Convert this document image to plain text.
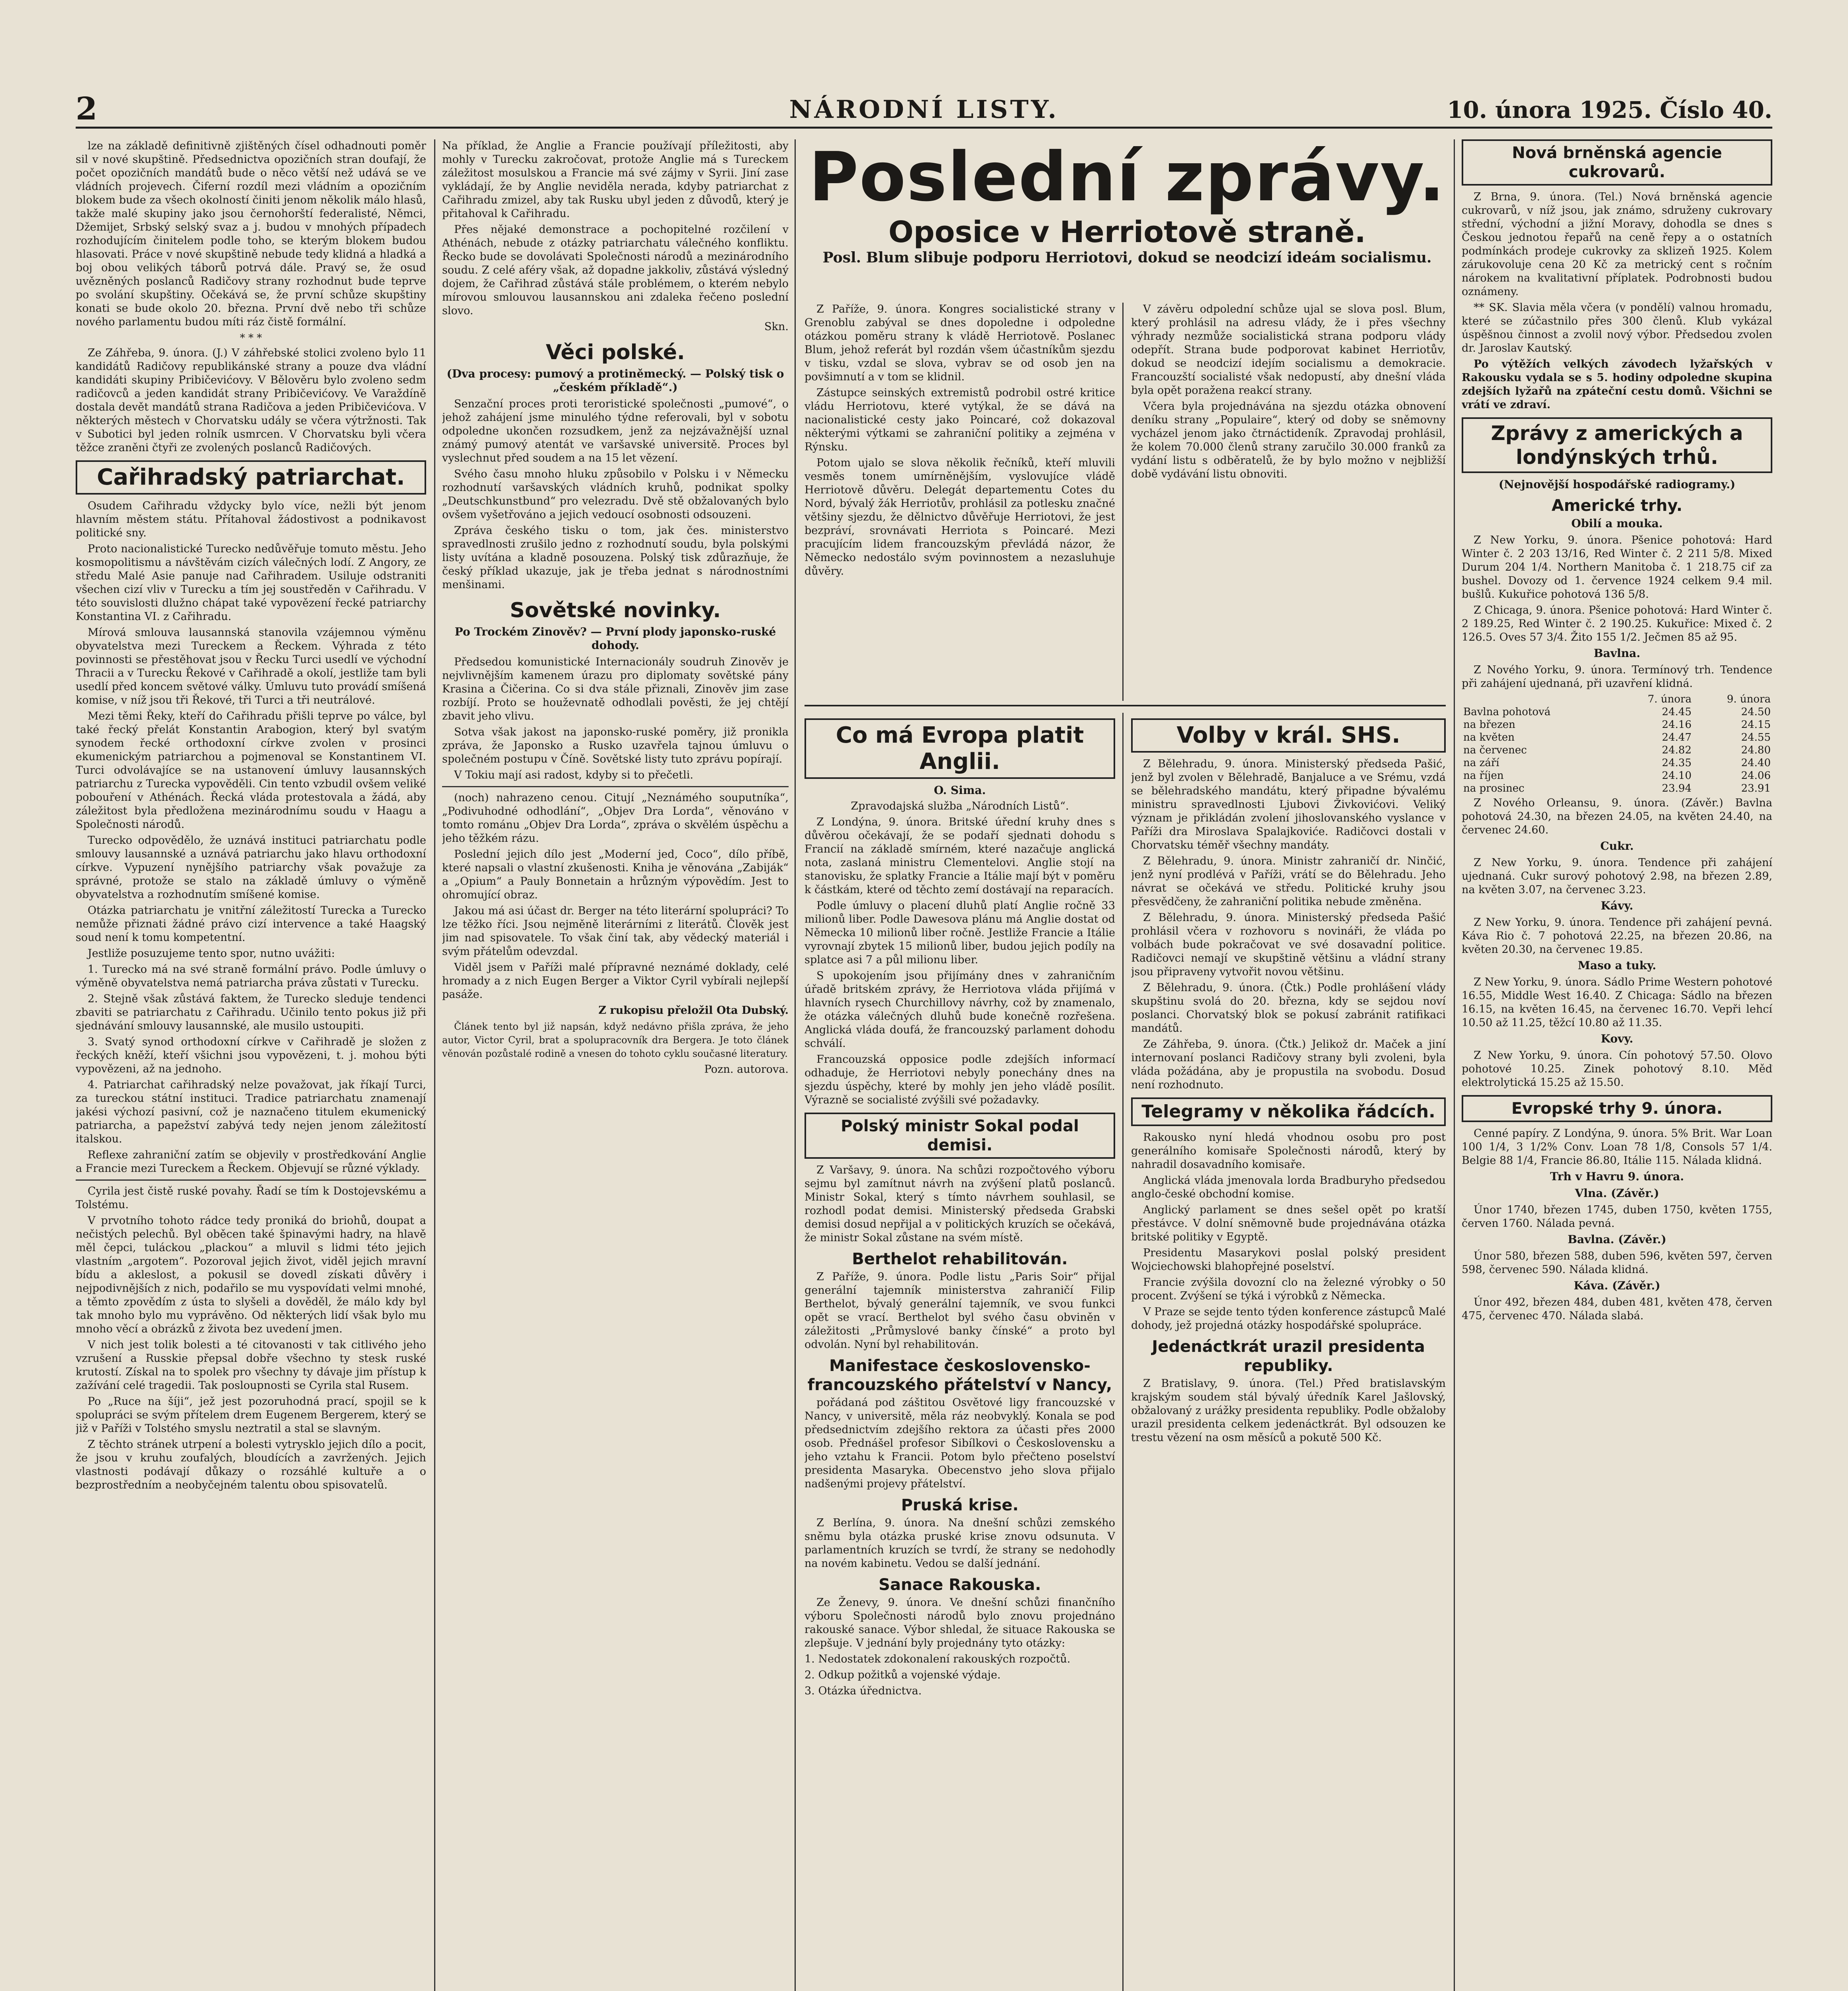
2	NÁRODNÍ LISTY.	10. února 1925. Číslo 40.

lze na základě definitivně zjištěných čísel odhadnouti poměr sil v nové skupštině. Předsednictva opozičních stran doufají, že počet opozičních mandátů bude o něco větší než udává se ve vládních projevech. Čiferní rozdíl mezi vládním a opozičním blokem bude za všech okolností činiti jenom několik málo hlasů, takže malé skupiny jako jsou černohorští federalisté, Němci, Džemijet, Srbský selský svaz a j. budou v mnohých případech rozhodujícím činitelem podle toho, se kterým blokem budou hlasovati. Práce v nové skupštině nebude tedy klidná a hladká a boj obou velikých táborů potrvá dále. Pravý se, že osud uvězněných poslanců Radičovy strany rozhodnut bude teprve po svolání skupštiny. Očekává se, že první schůze skupštiny konati se bude okolo 20. března. První dvě nebo tři schůze nového parlamentu budou míti ráz čistě formální.

* * *

Ze Záhřeba, 9. února. (J.) V záhřebské stolici zvoleno bylo 11 kandidátů Radičovy republikánské strany a pouze dva vládní kandidáti skupiny Pribičevićovy. V Bělověru bylo zvoleno sedm radičovců a jeden kandidát strany Pribičevićovy. Ve Varaždíně dostala devět mandátů strana Radičova a jeden Pribičevićova. V některých městech v Chorvatsku udály se včera výtržnosti. Tak v Subotici byl jeden rolník usmrcen. V Chorvatsku byli včera těžce zraněni čtyři ze zvolených poslanců Radičových.

Cařihradský patriarchat.

Osudem Cařihradu vždycky bylo více, nežli být jenom hlavním městem státu. Přítahoval žádostivost a podnikavost politické sny.

Proto nacionalistické Turecko nedůvěřuje tomuto městu. Jeho kosmopolitismu a návštěvám cizích válečných lodí. Z Angory, ze středu Malé Asie panuje nad Cařihradem. Usiluje odstraniti všechen cizí vliv v Turecku a tím jej soustředěn v Cařihradu. V této souvislosti dlužno chápat také vypovězení řecké patriarchy Konstantina VI. z Cařihradu.

Mírová smlouva lausannská stanovila vzájemnou výměnu obyvatelstva mezi Tureckem a Řeckem. Výhrada z této povinnosti se přestěhovat jsou v Řecku Turci usedlí ve východní Thracii a v Turecku Řekové v Cařihradě a okolí, jestliže tam byli usedlí před koncem světové války. Úmluvu tuto provádí smíšená komise, v níž jsou tři Řekové, tři Turci a tři neutrálové.

Mezi těmi Řeky, kteří do Cařihradu přišli teprve po válce, byl také řecký přelát Konstantin Arabogion, který byl svatým synodem řecké orthodoxní církve zvolen v prosinci ekumenickým patriarchou a pojmenoval se Konstantinem VI. Turci odvolávajíce se na ustanovení úmluvy lausannských patriarchu z Turecka vypověděli. Cin tento vzbudil ovšem veliké pobouření v Athénách. Řecká vláda protestovala a žádá, aby záležitost byla předložena mezinárodnímu soudu v Haagu a Společnosti národů.

Turecko odpovědělo, že uznává instituci patriarchatu podle smlouvy lausannské a uznává patriarchu jako hlavu orthodoxní církve. Vypuzení nynějšího patriarchy však považuje za správné, protože se stalo na základě úmluvy o výměně obyvatelstva a rozhodnutím smíšené komise.

Otázka patriarchatu je vnitřní záležitostí Turecka a Turecko nemůže přiznati žádné právo cizí intervence a také Haagský soud není k tomu kompetentní.

Jestliže posuzujeme tento spor, nutno uvážiti:

1. Turecko má na své straně formální právo. Podle úmluvy o výměně obyvatelstva nemá patriarcha práva zůstati v Turecku.

2. Stejně však zůstává faktem, že Turecko sleduje tendenci zbaviti se patriarchatu z Cařihradu. Učinilo tento pokus již při sjednávání smlouvy lausannské, ale musilo ustoupiti.

3. Svatý synod orthodoxní církve v Cařihradě je složen z řeckých kněží, kteří všichni jsou vypovězeni, t. j. mohou býti vypovězeni, až na jednoho.

4. Patriarchat cařihradský nelze považovat, jak říkají Turci, za tureckou státní instituci. Tradice patriarchatu znamenají jakési výchozí pasivní, což je naznačeno titulem ekumenický patriarcha, a papežství zabývá tedy nejen jenom záležitostí italskou.

Reflexe zahraniční zatím se objevily v prostředkování Anglie a Francie mezi Tureckem a Řeckem. Objevují se různé výklady.

Cyrila jest čistě ruské povahy. Řadí se tím k Dostojevskému a Tolstému.

V prvotního tohoto rádce tedy proniká do briohů, doupat a nečistých pelechů. Byl oběcen také špinavými hadry, na hlavě měl čepci, tuláckou „plackou“ a mluvil s lidmi této jejich vlastním „argotem“. Pozoroval jejich život, viděl jejich mravní bídu a akleslost, a pokusil se dovedl získati důvěry i nejpodivnějších z nich, podařilo se mu vyspovídati velmi mnohé, a těmto zpovědím z ústa to slyšeli a dověděl, že málo kdy byl tak mnoho bylo mu vyprávěno. Od některých lidí však bylo mu mnoho věcí a obrázků z života bez uvedení jmen.

V nich jest tolik bolesti a té citovanosti v tak citlivého jeho vzrušení a Russkie přepsal dobře všechno ty stesk ruské krutostí. Získal na to spolek pro všechny ty dávaje jim přístup k zažívání celé tragedii. Tak posloupnosti se Cyrila stal Rusem.

Po „Ruce na šíji“, jež jest pozoruhodná prací, spojil se k spolupráci se svým přítelem drem Eugenem Bergerem, který se již v Paříži v Tolstého smyslu neztratil a stal se slavným.

Z těchto stránek utrpení a bolesti vytrysklo jejich dílo a pocit, že jsou v kruhu zoufalých, bloudících a zavržených. Jejich vlastnosti podávají důkazy o rozsáhlé kultuře a o bezprostředním a neobyčejném talentu obou spisovatelů.

Na příklad, že Anglie a Francie používají příležitosti, aby mohly v Turecku zakročovat, protože Anglie má s Tureckem záležitost mosulskou a Francie má své zájmy v Syrii. Jiní zase vykládají, že by Anglie neviděla nerada, kdyby patriarchat z Cařihradu zmizel, aby tak Rusku ubyl jeden z důvodů, který je přitahoval k Cařihradu.

Přes nějaké demonstrace a pochopitelné rozčilení v Athénách, nebude z otázky patriarchatu válečného konfliktu. Řecko bude se dovolávati Společnosti národů a mezinárodního soudu. Z celé aféry však, až dopadne jakkoliv, zůstává výsledný dojem, že Cařihrad zůstává stále problémem, o kterém nebylo mírovou smlouvou lausannskou ani zdaleka řečeno poslední slovo.

Skn.

Věci polské.
(Dva procesy: pumový a protiněmecký. — Polský tisk o „českém příkladě“.)

Senzační proces proti teroristické společnosti „pumové“, o jehož zahájení jsme minulého týdne referovali, byl v sobotu odpoledne ukončen rozsudkem, jenž za nejzávažnější uznal známý pumový atentát ve varšavské universitě. Proces byl vyslechnut před soudem a na 15 let vězení.

Svého času mnoho hluku způsobilo v Polsku i v Německu rozhodnutí varšavských vládních kruhů, podnikat spolky „Deutschkunstbund“ pro velezradu. Dvě stě obžalovaných bylo ovšem vyšetřováno a jejich vedoucí osobnosti odsouzeni.

Zpráva českého tisku o tom, jak čes. ministerstvo spravedlnosti zrušilo jedno z rozhodnutí soudu, byla polskými listy uvítána a kladně posouzena. Polský tisk zdůrazňuje, že český příklad ukazuje, jak je třeba jednat s národnostními menšinami.

Sovětské novinky.
Po Trockém Zinověv? — První plody japonsko-ruské dohody.

Předsedou komunistické Internacionály soudruh Zinověv je nejvlivnějším kamenem úrazu pro diplomaty sovětské pány Krasina a Čičerina. Co si dva stále přiznali, Zinověv jim zase rozbíjí. Proto se houževnatě odhodlali pověsti, že jej chtějí zbavit jeho vlivu.

Sotva však jakost na japonsko-ruské poměry, již pronikla zpráva, že Japonsko a Rusko uzavřela tajnou úmluvu o společném postupu v Číně. Sovětské listy tuto zprávu popírají.

V Tokiu mají asi radost, kdyby si to přečetli.

(noch) nahrazeno cenou. Citují „Neznámého souputníka“, „Podivuhodné odhodlání“, „Objev Dra Lorda“, věnováno v tomto románu „Objev Dra Lorda“, zpráva o skvělém úspěchu a jeho těžkém rázu.

Poslední jejich dílo jest „Moderní jed, Coco“, dílo příbě, které napsali o vlastní zkušenosti. Kniha je věnována „Zabiják“ a „Opium“ a Pauly Bonnetain a hrůzným výpovědím. Jest to ohromující obraz.

Jakou má asi účast dr. Berger na této literární spolupráci? To lze těžko říci. Jsou nejměně literárními z literátů. Člověk jest jim nad spisovatele. To však činí tak, aby vědecký materiál i svým přátelům odevzdal.

Viděl jsem v Paříži malé přípravné neznámé doklady, celé hromady a z nich Eugen Berger a Viktor Cyril vybírali nejlepší pasáže.

Z rukopisu přeložil Ota Dubský.

Článek tento byl již napsán, když nedávno přišla zpráva, že jeho autor, Victor Cyril, brat a spolupracovník dra Bergera. Je toto článek věnován pozůstalé rodině a vnesen do tohoto cyklu současné literatury.

Pozn. autorova.

Poslední zprávy.
Oposice v Herriotově straně.
Posl. Blum slibuje podporu Herriotovi, dokud se neodcizí ideám socialismu.

Z Paříže, 9. února. Kongres socialistické strany v Grenoblu zabýval se dnes dopoledne i odpoledne otázkou poměru strany k vládě Herriotově. Poslanec Blum, jehož referát byl rozdán všem účastníkům sjezdu v tisku, vzdal se slova, vybrav se od osob jen na povšimnutí a v tom se klidnil.

Zástupce seinských extremistů podrobil ostré kritice vládu Herriotovu, které vytýkal, že se dává na nacionalistické cesty jako Poincaré, což dokazoval některými výtkami se zahraniční politiky a zejména v Rýnsku.

Potom ujalo se slova několik řečníků, kteří mluvili vesměs tonem umírněnějším, vyslovujíce vládě Herriotově důvěru. Delegát departementu Cotes du Nord, bývalý žák Herriotův, prohlásil za potlesku značné většiny sjezdu, že dělnictvo důvěřuje Herriotovi, že jest bezpráví, srovnávati Herriota s Poincaré. Mezi pracujícím lidem francouzským převládá názor, že Německo nedostálo svým povinnostem a nezasluhuje důvěry.

V závěru odpolední schůze ujal se slova posl. Blum, který prohlásil na adresu vlády, že i přes všechny výhrady nezmůže socialistická strana podporu vlády odepřít. Strana bude podporovat kabinet Herriotův, dokud se neodcizí idejím socialismu a demokracie. Francouzští socialisté však nedopustí, aby dnešní vláda byla opět poražena reakcí strany.

Včera byla projednávána na sjezdu otázka obnovení deníku strany „Populaire“, který od doby se sněmovny vycházel jenom jako čtrnáctideník. Zpravodaj prohlásil, že kolem 70.000 členů strany zaručilo 30.000 franků za vydání listu s odběratelů, že by bylo možno v nejbližší době vydávání listu obnoviti.

Co má Evropa platit Anglii.
O. Sima.

Zpravodajská služba „Národních Listů“.

Z Londýna, 9. února. Britské úřední kruhy dnes s důvěrou očekávají, že se podaří sjednati dohodu s Francií na základě smírném, které nazačuje anglická nota, zaslaná ministru Clementelovi. Anglie stojí na stanovisku, že splatky Francie a Itálie mají být v poměru k částkám, které od těchto zemí dostávají na reparacích.

Podle úmluvy o placení dluhů platí Anglie ročně 33 milionů liber. Podle Dawesova plánu má Anglie dostat od Německa 10 milionů liber ročně. Jestliže Francie a Itálie vyrovnají zbytek 15 milionů liber, budou jejich podíly na splatce asi 7 a půl milionu liber.

S upokojením jsou přijímány dnes v zahraničním úřadě britském zprávy, že Herriotova vláda přijímá v hlavních rysech Churchillovy návrhy, což by znamenalo, že otázka válečných dluhů bude konečně rozřešena. Anglická vláda doufá, že francouzský parlament dohodu schválí.

Francouzská opposice podle zdejších informací odhaduje, že Herriotovi nebyly ponechány dnes na sjezdu úspěchy, které by mohly jen jeho vládě posílit. Výrazně se socialisté zvýšili své požadavky.

Polský ministr Sokal podal demisi.

Z Varšavy, 9. února. Na schůzi rozpočtového výboru sejmu byl zamítnut návrh na zvýšení platů poslanců. Ministr Sokal, který s tímto návrhem souhlasil, se rozhodl podat demisi. Ministerský předseda Grabski demisi dosud nepřijal a v politických kruzích se očekává, že ministr Sokal zůstane na svém místě.

Berthelot rehabilitován.

Z Paříže, 9. února. Podle listu „Paris Soir“ přijal generální tajemník ministerstva zahraničí Filip Berthelot, bývalý generální tajemník, ve svou funkci opět se vrací. Berthelot byl svého času obviněn v záležitosti „Průmyslové banky čínské“ a proto byl odvolán. Nyní byl rehabilitován.

Manifestace československo-francouzského přátelství v Nancy,

pořádaná pod záštitou Osvětové ligy francouzské v Nancy, v universitě, měla ráz neobvyklý. Konala se pod předsednictvím zdejšího rektora za účasti přes 2000 osob. Přednášel profesor Sibílkovi o Československu a jeho vztahu k Francii. Potom bylo přečteno poselství presidenta Masaryka. Obecenstvo jeho slova přijalo nadšenými projevy přátelství.

Pruská krise.

Z Berlína, 9. února. Na dnešní schůzi zemského sněmu byla otázka pruské krise znovu odsunuta. V parlamentních kruzích se tvrdí, že strany se nedohodly na novém kabinetu. Vedou se další jednání.

Sanace Rakouska.

Ze Ženevy, 9. února. Ve dnešní schůzi finančního výboru Společnosti národů bylo znovu projednáno rakouské sanace. Výbor shledal, že situace Rakouska se zlepšuje. V jednání byly projednány tyto otázky:

1. Nedostatek zdokonalení rakouských rozpočtů.

2. Odkup požitků a vojenské výdaje.

3. Otázka úřednictva.

Volby v král. SHS.

Z Bělehradu, 9. února. Ministerský předseda Pašić, jenž byl zvolen v Bělehradě, Banjaluce a ve Srému, vzdá se bělehradského mandátu, který připadne bývalému ministru spravedlnosti Ljubovi Živkovićovi. Veliký význam je přikládán zvolení jihoslovanského vyslance v Paříži dra Miroslava Spalajkoviće. Radičovci dostali v Chorvatsku téměř všechny mandáty.

Z Bělehradu, 9. února. Ministr zahraničí dr. Ninčić, jenž nyní prodlévá v Paříži, vrátí se do Bělehradu. Jeho návrat se očekává ve středu. Politické kruhy jsou přesvědčeny, že zahraniční politika nebude změněna.

Z Bělehradu, 9. února. Ministerský předseda Pašić prohlásil včera v rozhovoru s novináři, že vláda po volbách bude pokračovat ve své dosavadní politice. Radičovci nemají ve skupštině většinu a vládní strany jsou připraveny vytvořit novou většinu.

Z Bělehradu, 9. února. (Čtk.) Podle prohlášení vlády skupštinu svolá do 20. března, kdy se sejdou noví poslanci. Chorvatský blok se pokusí zabránit ratifikaci mandátů.

Ze Záhřeba, 9. února. (Čtk.) Jelikož dr. Maček a jiní internovaní poslanci Radičovy strany byli zvoleni, byla vláda požádána, aby je propustila na svobodu. Dosud není rozhodnuto.

Telegramy v několika řádcích.

Rakousko nyní hledá vhodnou osobu pro post generálního komisaře Společnosti národů, který by nahradil dosavadního komisaře.

Anglická vláda jmenovala lorda Bradburyho předsedou anglo-české obchodní komise.

Anglický parlament se dnes sešel opět po kratší přestávce. V dolní sněmovně bude projednávána otázka britské politiky v Egyptě.

Presidentu Masarykovi poslal polský president Wojciechowski blahopřejné poselství.

Francie zvýšila dovozní clo na železné výrobky o 50 procent. Zvýšení se týká i výrobků z Německa.

V Praze se sejde tento týden konference zástupců Malé dohody, jež projedná otázky hospodářské spolupráce.

Jedenáctkrát urazil presidenta republiky.

Z Bratislavy, 9. února. (Tel.) Před bratislavským krajským soudem stál bývalý úředník Karel Jašlovský, obžalovaný z urážky presidenta republiky. Podle obžaloby urazil presidenta celkem jedenáctkrát. Byl odsouzen ke trestu vězení na osm měsíců a pokutě 500 Kč.

Nová brněnská agencie cukrovarů.

Z Brna, 9. února. (Tel.) Nová brněnská agencie cukrovarů, v níž jsou, jak známo, sdruženy cukrovary střední, východní a jižní Moravy, dohodla se dnes s Českou jednotou řepařů na ceně řepy a o ostatních podmínkách prodeje cukrovky za sklizeň 1925. Kolem zárukovoluje cena 20 Kč za metrický cent s ročním nárokem na kvalitativní příplatek. Podrobnosti budou oznámeny.

** SK. Slavia měla včera (v pondělí) valnou hromadu, které se zúčastnilo přes 300 členů. Klub vykázal úspěšnou činnost a zvolil nový výbor. Předsedou zvolen dr. Jaroslav Kautský.

Po výtěžích velkých závodech lyžařských v Rakousku vydala se s 5. hodiny odpoledne skupina zdejších lyžařů na zpáteční cestu domů. Všichni se vrátí ve zdraví.

Zprávy z amerických a londýnských trhů.
(Nejnovější hospodářské radiogramy.)
Americké trhy.
Obilí a mouka.

Z New Yorku, 9. února. Pšenice pohotová: Hard Winter č. 2 203 13/16, Red Winter č. 2 211 5/8. Mixed Durum 204 1/4. Northern Manitoba č. 1 218.75 cif za bushel. Dovozy od 1. července 1924 celkem 9.4 mil. bušlů. Kukuřice pohotová 136 5/8.

Z Chicaga, 9. února. Pšenice pohotová: Hard Winter č. 2 189.25, Red Winter č. 2 190.25. Kukuřice: Mixed č. 2 126.5. Oves 57 3/4. Žito 155 1/2. Ječmen 85 až 95.

Bavlna.

Z Nového Yorku, 9. února. Termínový trh. Tendence při zahájení ujednaná, při uzavření klidná.

	7. února	9. února
Bavlna pohotová	24.45	24.50
na březen	24.16	24.15
na květen	24.47	24.55
na červenec	24.82	24.80
na září	24.35	24.40
na říjen	24.10	24.06
na prosinec	23.94	23.91

Z Nového Orleansu, 9. února. (Závěr.) Bavlna pohotová 24.30, na březen 24.05, na květen 24.40, na červenec 24.60.

Cukr.

Z New Yorku, 9. února. Tendence při zahájení ujednaná. Cukr surový pohotový 2.98, na březen 2.89, na květen 3.07, na červenec 3.23.

Kávy.

Z New Yorku, 9. února. Tendence při zahájení pevná. Káva Rio č. 7 pohotová 22.25, na březen 20.86, na květen 20.30, na červenec 19.85.

Maso a tuky.

Z New Yorku, 9. února. Sádlo Prime Western pohotové 16.55, Middle West 16.40. Z Chicaga: Sádlo na březen 16.15, na květen 16.45, na červenec 16.70. Vepři lehcí 10.50 až 11.25, těžcí 10.80 až 11.35.

Kovy.

Z New Yorku, 9. února. Cín pohotový 57.50. Olovo pohotové 10.25. Zinek pohotový 8.10. Měď elektrolytická 15.25 až 15.50.

Evropské trhy 9. února.

Cenné papíry. Z Londýna, 9. února. 5% Brit. War Loan 100 1/4, 3 1/2% Conv. Loan 78 1/8, Consols 57 1/4. Belgie 88 1/4, Francie 86.80, Itálie 115. Nálada klidná.

Trh v Havru 9. února.
Vlna. (Závěr.)

Únor 1740, březen 1745, duben 1750, květen 1755, červen 1760. Nálada pevná.

Bavlna. (Závěr.)

Únor 580, březen 588, duben 596, květen 597, červen 598, červenec 590. Nálada klidná.

Káva. (Závěr.)

Únor 492, březen 484, duben 481, květen 478, červen 475, červenec 470. Nálada slabá.
